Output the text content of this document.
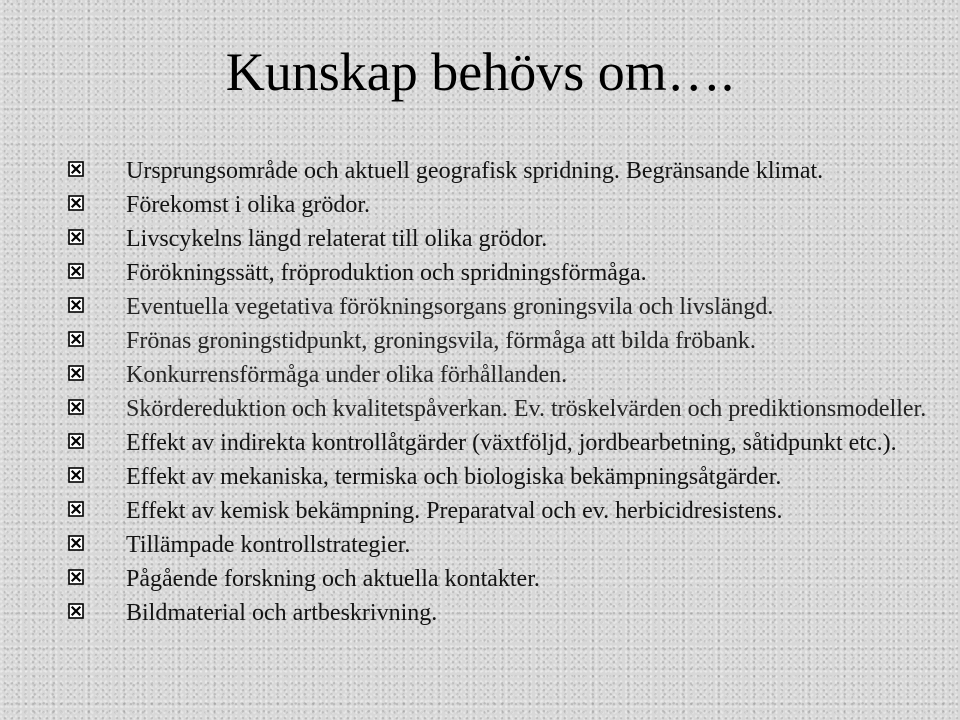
Kunskap behövs om….
Ursprungsområde och aktuell geografisk spridning. Begränsande klimat.
Förekomst i olika grödor.
Livscykelns längd relaterat till olika grödor.
Förökningssätt, fröproduktion och spridningsförmåga.
Eventuella vegetativa förökningsorgans groningsvila och livslängd.
Frönas groningstidpunkt, groningsvila, förmåga att bilda fröbank.
Konkurrensförmåga under olika förhållanden.
Skördereduktion och kvalitetspåverkan. Ev. tröskelvärden och prediktionsmodeller.
Effekt av indirekta kontrollåtgärder (växtföljd, jordbearbetning, såtidpunkt etc.).
Effekt av mekaniska, termiska och biologiska bekämpningsåtgärder.
Effekt av kemisk bekämpning. Preparatval och ev. herbicidresistens.
Tillämpade kontrollstrategier.
Pågående forskning och aktuella kontakter.
Bildmaterial och artbeskrivning.
